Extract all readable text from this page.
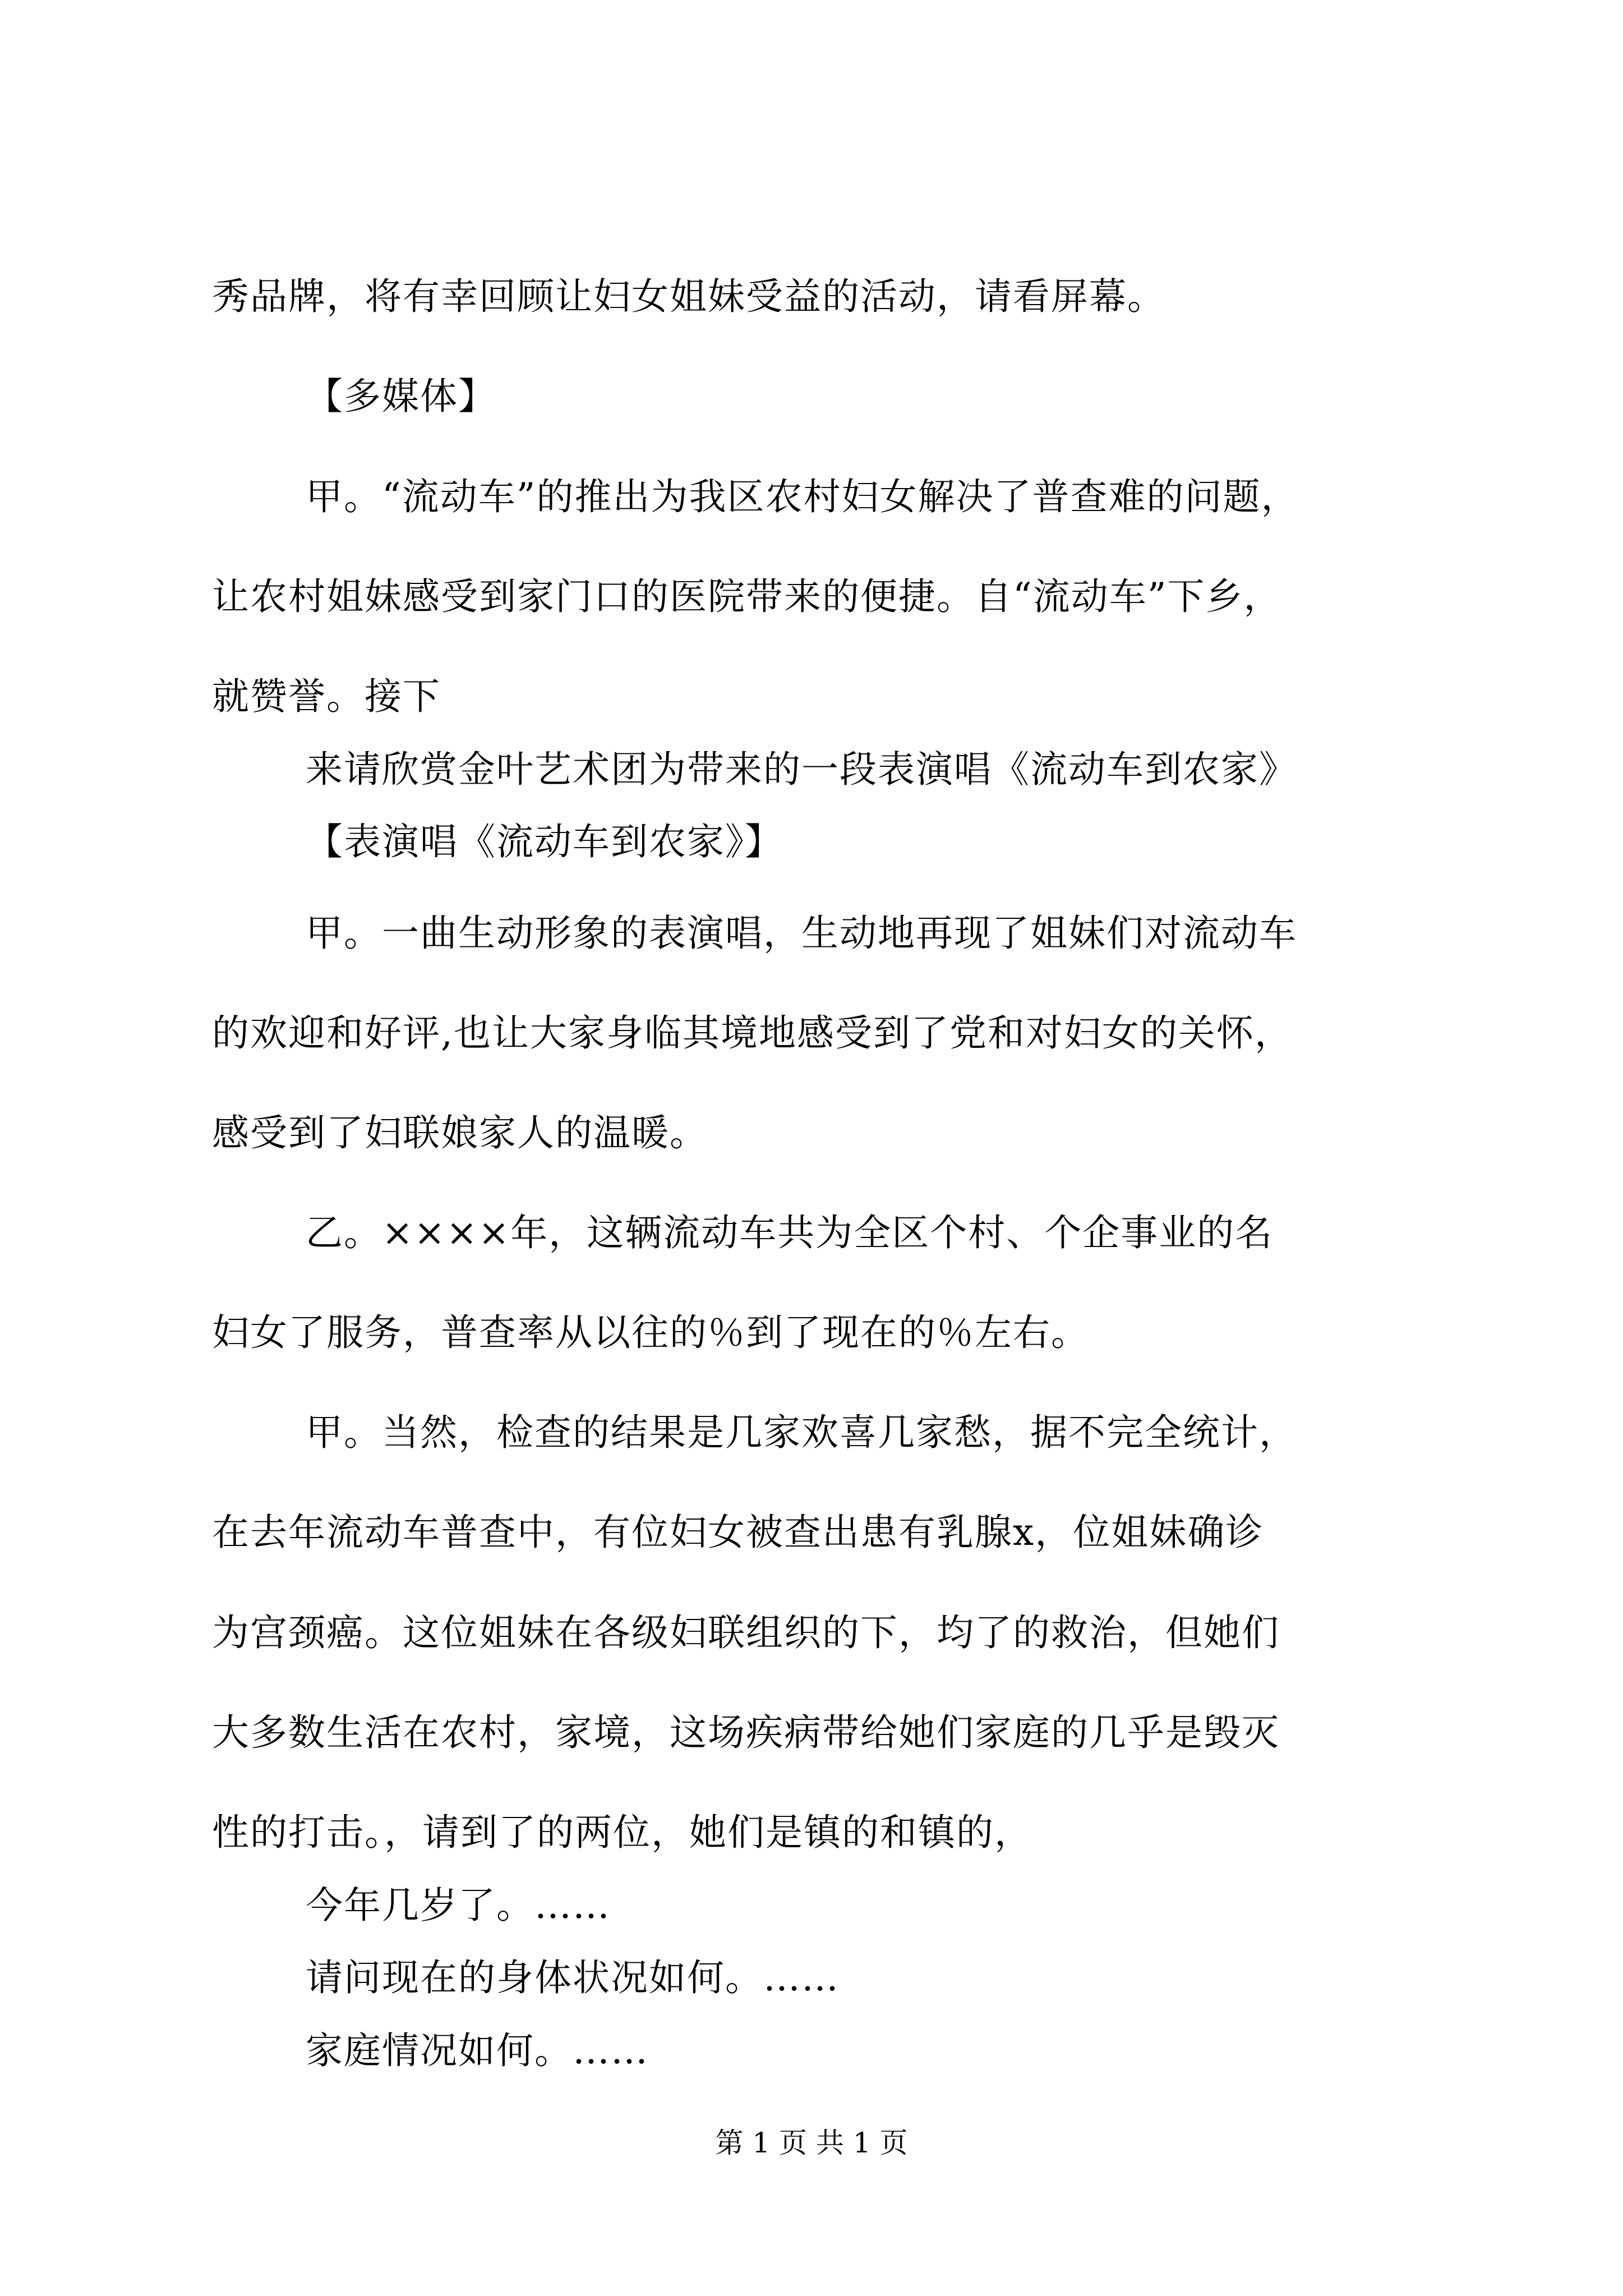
秀品牌，将有幸回顾让妇女姐妹受益的活动，请看屏幕。
【多媒体】
甲。“流动车”的推出为我区农村妇女解决了普查难的问题，
让农村姐妹感受到家门口的医院带来的便捷。自“流动车”下乡，
就赞誉。接下
来请欣赏金叶艺术团为带来的一段表演唱《流动车到农家》
【表演唱《流动车到农家》】
甲。一曲生动形象的表演唱，生动地再现了姐妹们对流动车
的欢迎和好评,也让大家身临其境地感受到了党和对妇女的关怀，
感受到了妇联娘家人的温暖。
乙。××××年，这辆流动车共为全区个村、个企事业的名
妇女了服务，普查率从以往的％到了现在的％左右。
甲。当然，检查的结果是几家欢喜几家愁，据不完全统计，
在去年流动车普查中，有位妇女被查出患有乳腺x，位姐妹确诊
为宫颈癌。这位姐妹在各级妇联组织的下，均了的救治，但她们
大多数生活在农村，家境，这场疾病带给她们家庭的几乎是毁灭
性的打击。，请到了的两位，她们是镇的和镇的，
今年几岁了。……
请问现在的身体状况如何。……
家庭情况如何。……
第 1 页 共 1 页
